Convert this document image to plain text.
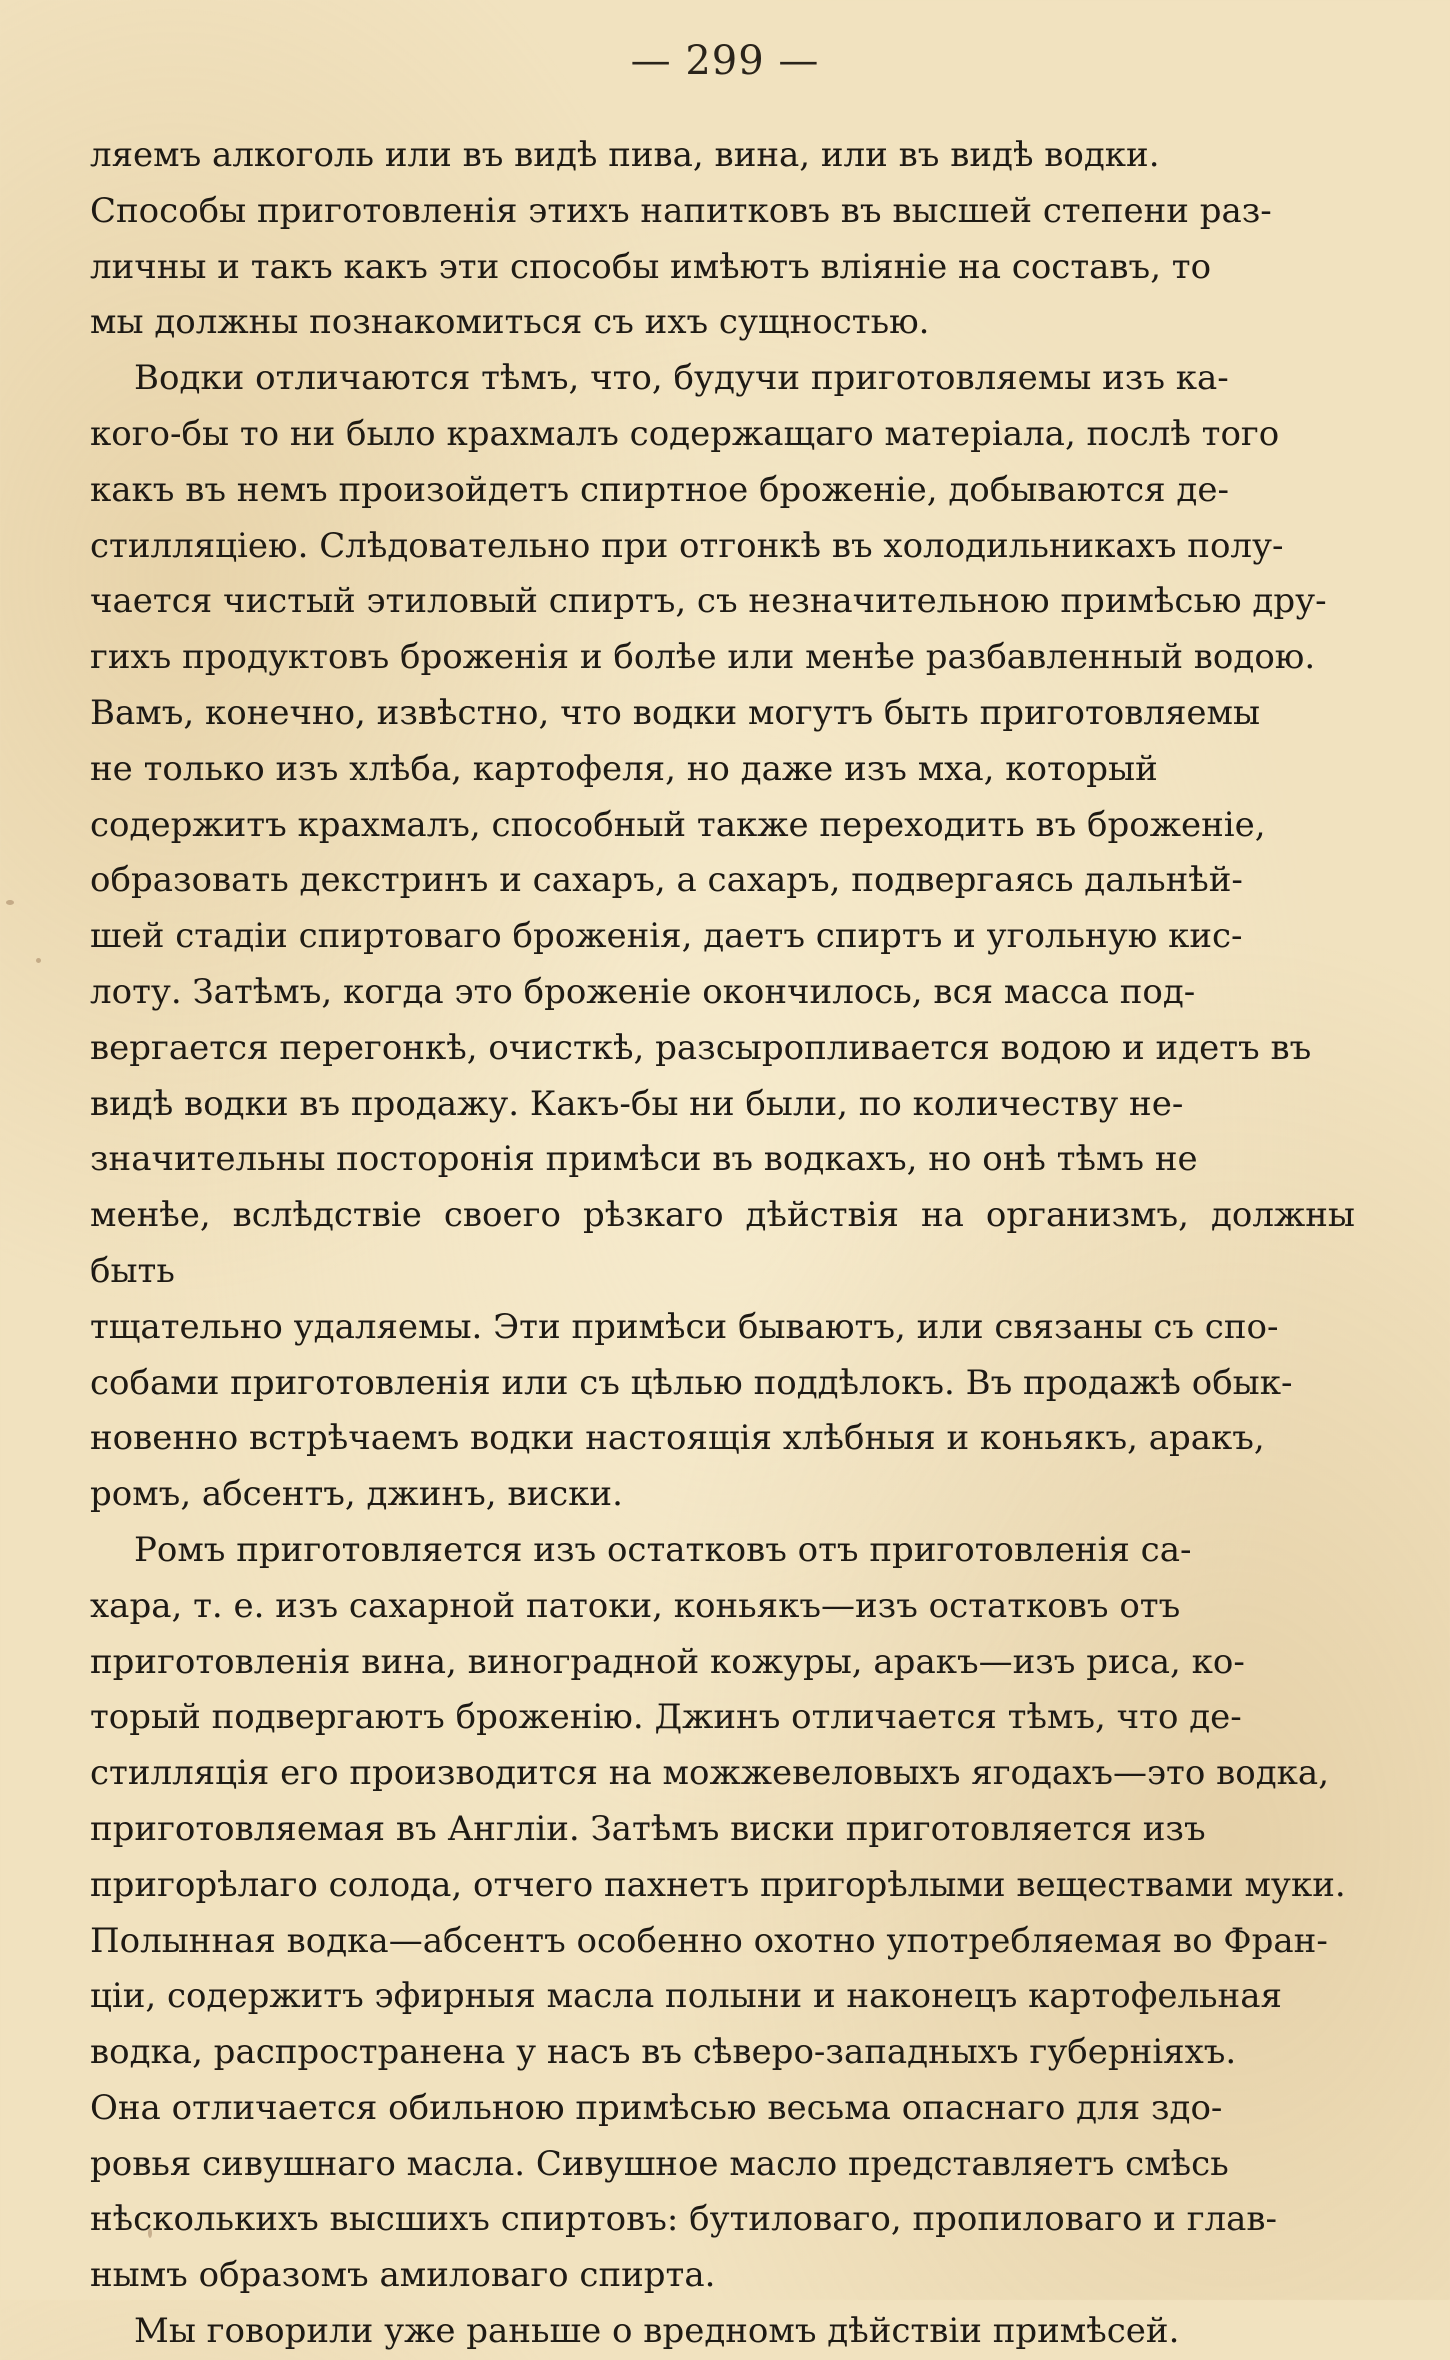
— 299 —

ляемъ алкоголь или въ видѣ пива, вина, или въ видѣ водки.
Способы приготовленія этихъ напитковъ въ высшей степени раз-
личны и такъ какъ эти способы имѣютъ вліяніе на составъ, то
мы должны познакомиться съ ихъ сущностью.

Водки отличаются тѣмъ, что, будучи приготовляемы изъ ка-
кого-бы то ни было крахмалъ содержащаго матеріала, послѣ того
какъ въ немъ произойдетъ спиртное броженіе, добываются де-
стилляціею. Слѣдовательно при отгонкѣ въ холодильникахъ полу-
чается чистый этиловый спиртъ, съ незначительною примѣсью дру-
гихъ продуктовъ броженія и болѣе или менѣе разбавленный водою.
Вамъ, конечно, извѣстно, что водки могутъ быть приготовляемы
не только изъ хлѣба, картофеля, но даже изъ мха, который
содержитъ крахмалъ, способный также переходить въ броженіе,
образовать декстринъ и сахаръ, а сахаръ, подвергаясь дальнѣй-
шей стадіи спиртоваго броженія, даетъ спиртъ и угольную кис-
лоту. Затѣмъ, когда это броженіе окончилось, вся масса под-
вергается перегонкѣ, очисткѣ, разсыропливается водою и идетъ въ
видѣ водки въ продажу. Какъ-бы ни были, по количеству не-
значительны посторонія примѣси въ водкахъ, но онѣ тѣмъ не
менѣе, вслѣдствіе своего рѣзкаго дѣйствія на организмъ, должны быть
тщательно удаляемы. Эти примѣси бываютъ, или связаны съ спо-
собами приготовленія или съ цѣлью поддѣлокъ. Въ продажѣ обык-
новенно встрѣчаемъ водки настоящія хлѣбныя и коньякъ, аракъ,
ромъ, абсентъ, джинъ, виски.

Ромъ приготовляется изъ остатковъ отъ приготовленія са-
хара, т. е. изъ сахарной патоки, коньякъ—изъ остатковъ отъ
приготовленія вина, виноградной кожуры, аракъ—изъ риса, ко-
торый подвергаютъ броженію. Джинъ отличается тѣмъ, что де-
стилляція его производится на можжевеловыхъ ягодахъ—это водка,
приготовляемая въ Англіи. Затѣмъ виски приготовляется изъ
пригорѣлаго солода, отчего пахнетъ пригорѣлыми веществами муки.
Полынная водка—абсентъ особенно охотно употребляемая во Фран-
ціи, содержитъ эфирныя масла полыни и наконецъ картофельная
водка, распространена у насъ въ сѣверо-западныхъ губерніяхъ.
Она отличается обильною примѣсью весьма опаснаго для здо-
ровья сивушнаго масла. Сивушное масло представляетъ смѣсь
нѣсколькихъ высшихъ спиртовъ: бутиловаго, пропиловаго и глав-
нымъ образомъ амиловаго спирта.

Мы говорили уже раньше о вредномъ дѣйствіи примѣсей.
